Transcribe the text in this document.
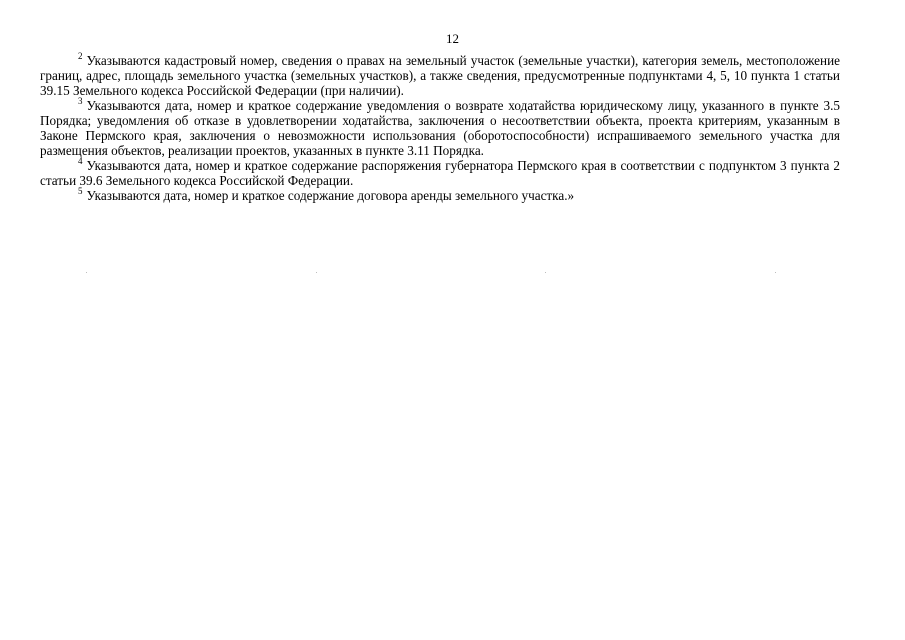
12

$^2$ Указываются кадастровый номер, сведения о правах на земельный участок (земельные участки), категория земель, местоположение границ, адрес, площадь земельного участка (земельных участков), а также сведения, предусмотренные подпунктами 4, 5, 10 пункта 1 статьи 39.15 Земельного кодекса Российской Федерации (при наличии).

$^3$ Указываются дата, номер и краткое содержание уведомления о возврате ходатайства юридическому лицу, указанного в пункте 3.5 Порядка; уведомления об отказе в удовлетворении ходатайства, заключения о несоответствии объекта, проекта критериям, указанным в Законе Пермского края, заключения о невозможности использования (оборотоспособности) испрашиваемого земельного участка для размещения объектов, реализации проектов, указанных в пункте 3.11 Порядка.

$^4$ Указываются дата, номер и краткое содержание распоряжения губернатора Пермского края в соответствии с подпунктом 3 пункта 2 статьи 39.6 Земельного кодекса Российской Федерации.

$^5$ Указываются дата, номер и краткое содержание договора аренды земельного участка.»
